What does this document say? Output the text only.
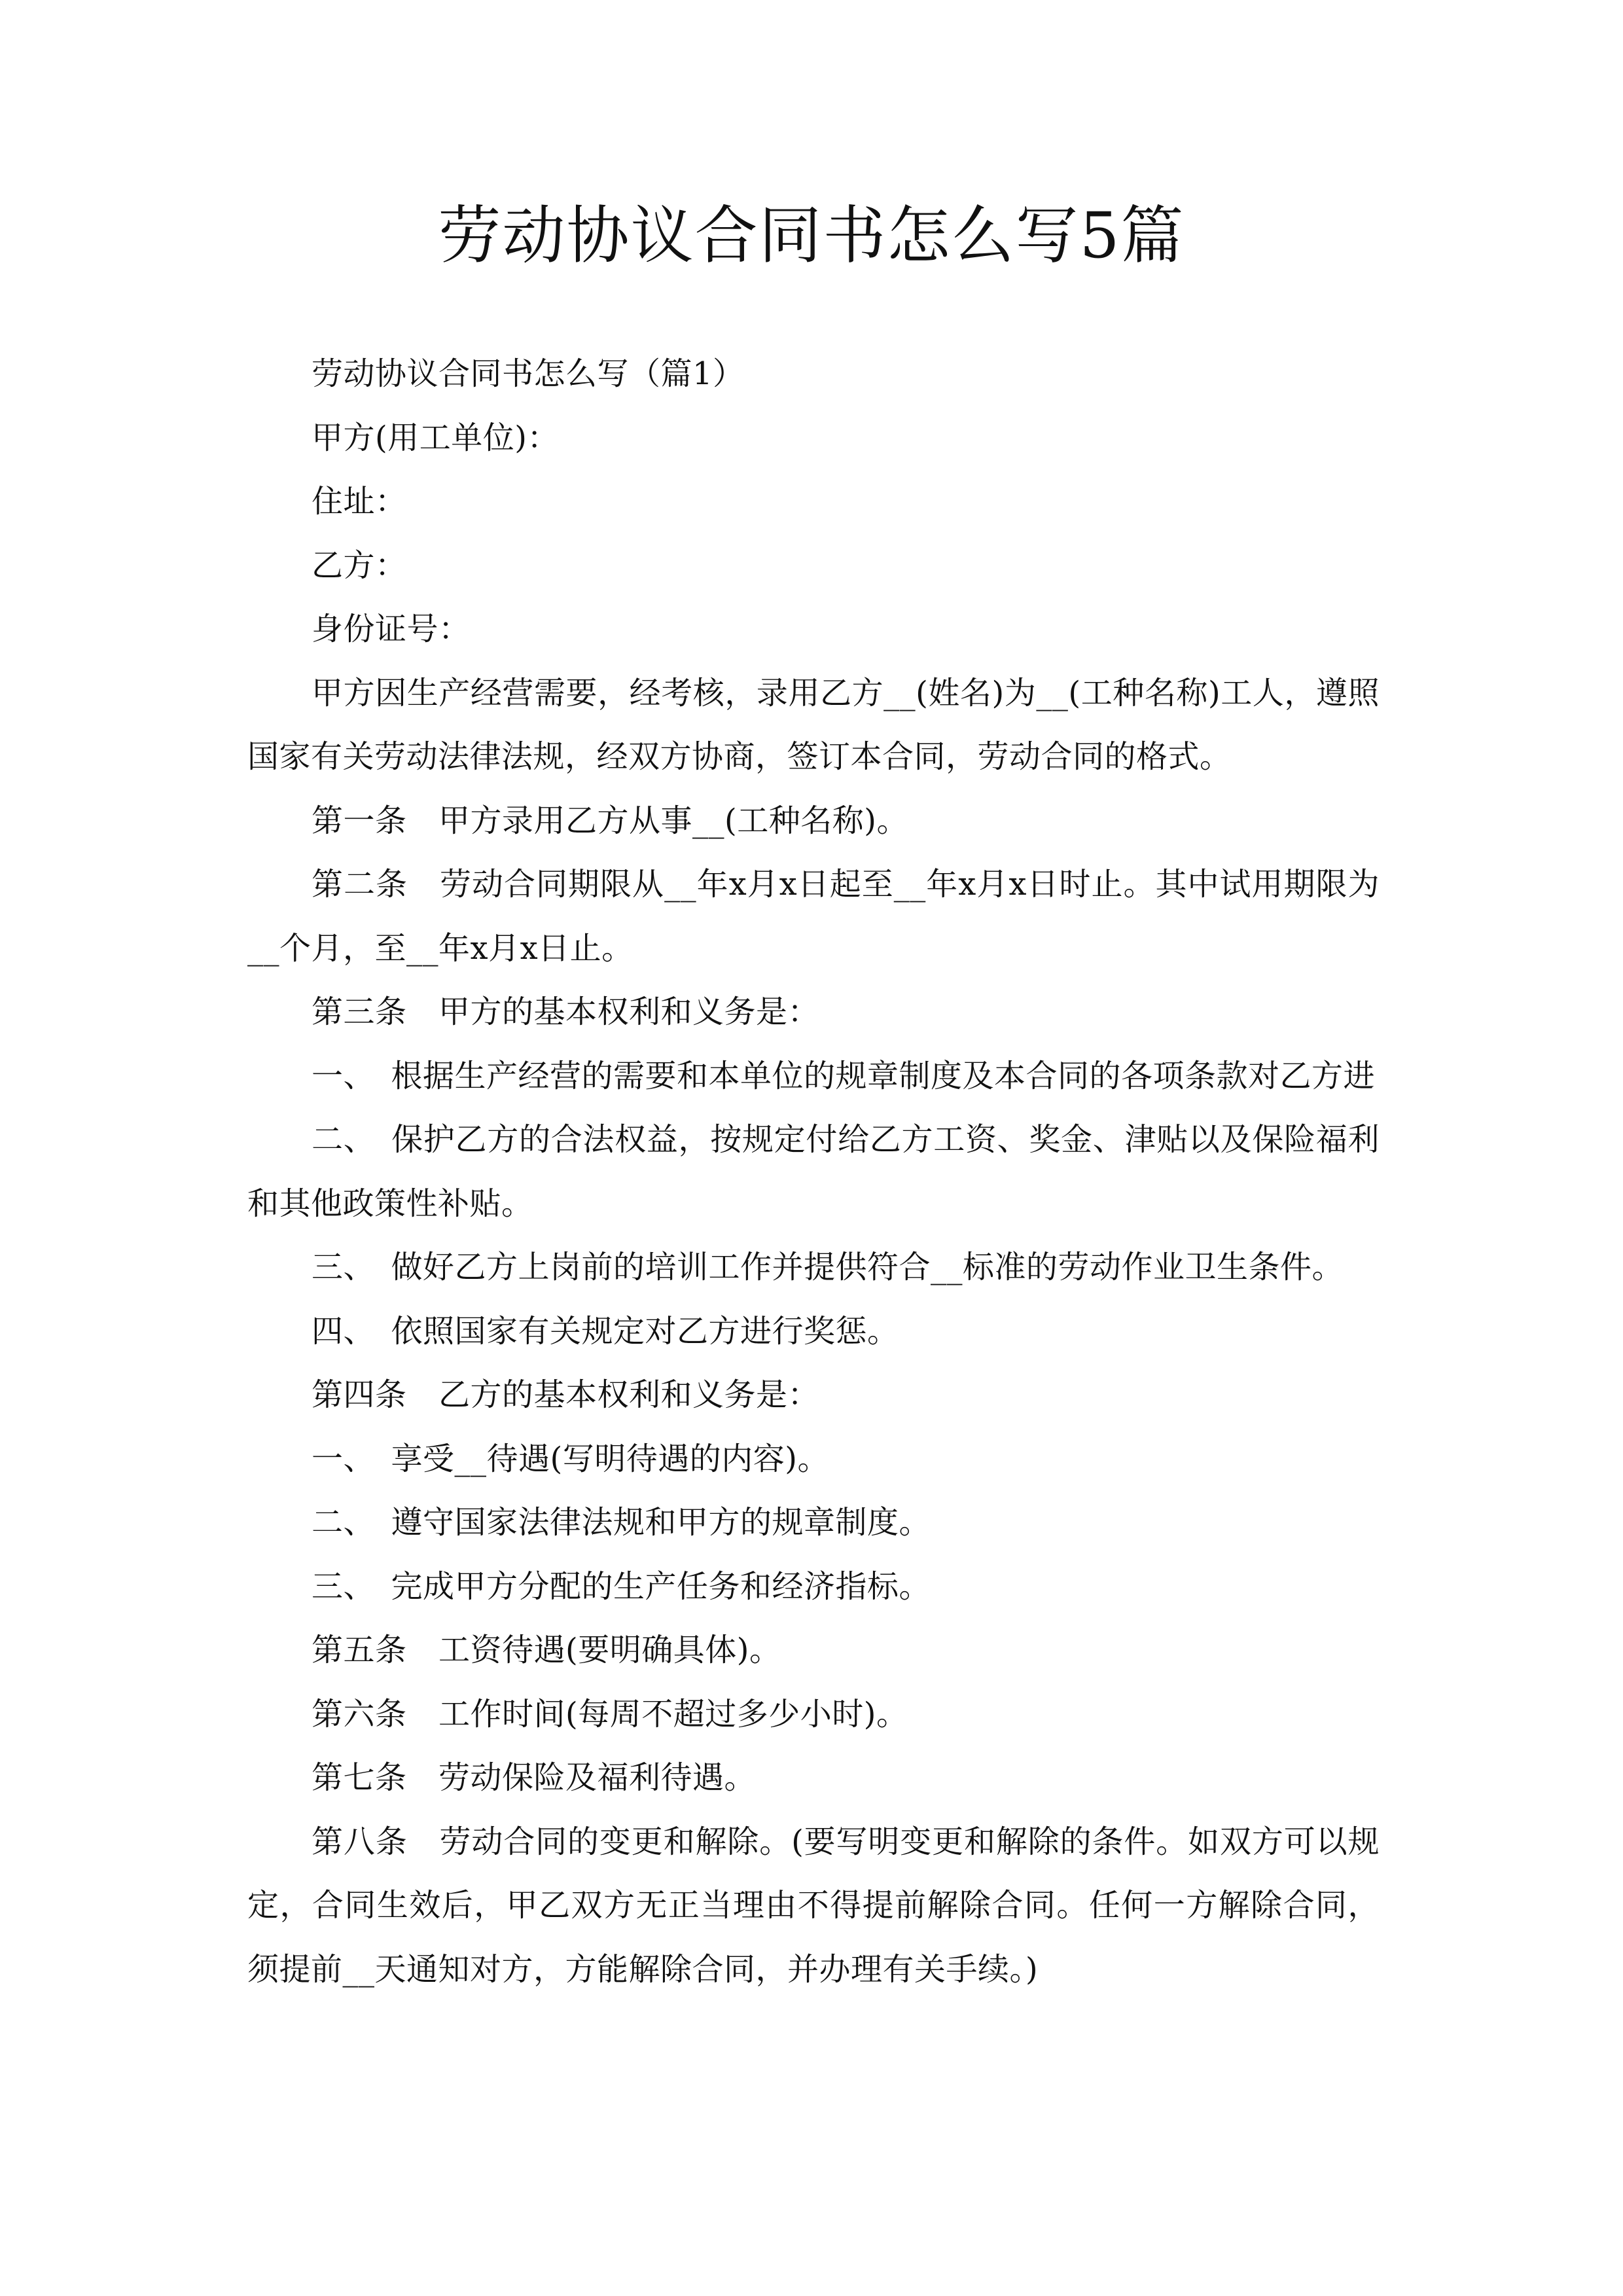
劳动协议合同书怎么写5篇

劳动协议合同书怎么写（篇1）

甲方(用工单位)：

住址：

乙方：

身份证号：

甲方因生产经营需要，经考核，录用乙方__(姓名)为__(工种名称)工人，遵照国家有关劳动法律法规，经双方协商，签订本合同，劳动合同的格式。

第一条　甲方录用乙方从事__(工种名称)。

第二条　劳动合同期限从__年x月x日起至__年x月x日时止。其中试用期限为__个月，至__年x月x日止。

第三条　甲方的基本权利和义务是：

一、　根据生产经营的需要和本单位的规章制度及本合同的各项条款对乙方进

二、　保护乙方的合法权益，按规定付给乙方工资、奖金、津贴以及保险福利和其他政策性补贴。

三、　做好乙方上岗前的培训工作并提供符合__标准的劳动作业卫生条件。

四、　依照国家有关规定对乙方进行奖惩。

第四条　乙方的基本权利和义务是：

一、　享受__待遇(写明待遇的内容)。

二、　遵守国家法律法规和甲方的规章制度。

三、　完成甲方分配的生产任务和经济指标。

第五条　工资待遇(要明确具体)。

第六条　工作时间(每周不超过多少小时)。

第七条　劳动保险及福利待遇。

第八条　劳动合同的变更和解除。(要写明变更和解除的条件。如双方可以规定，合同生效后，甲乙双方无正当理由不得提前解除合同。任何一方解除合同，须提前__天通知对方，方能解除合同，并办理有关手续。)
